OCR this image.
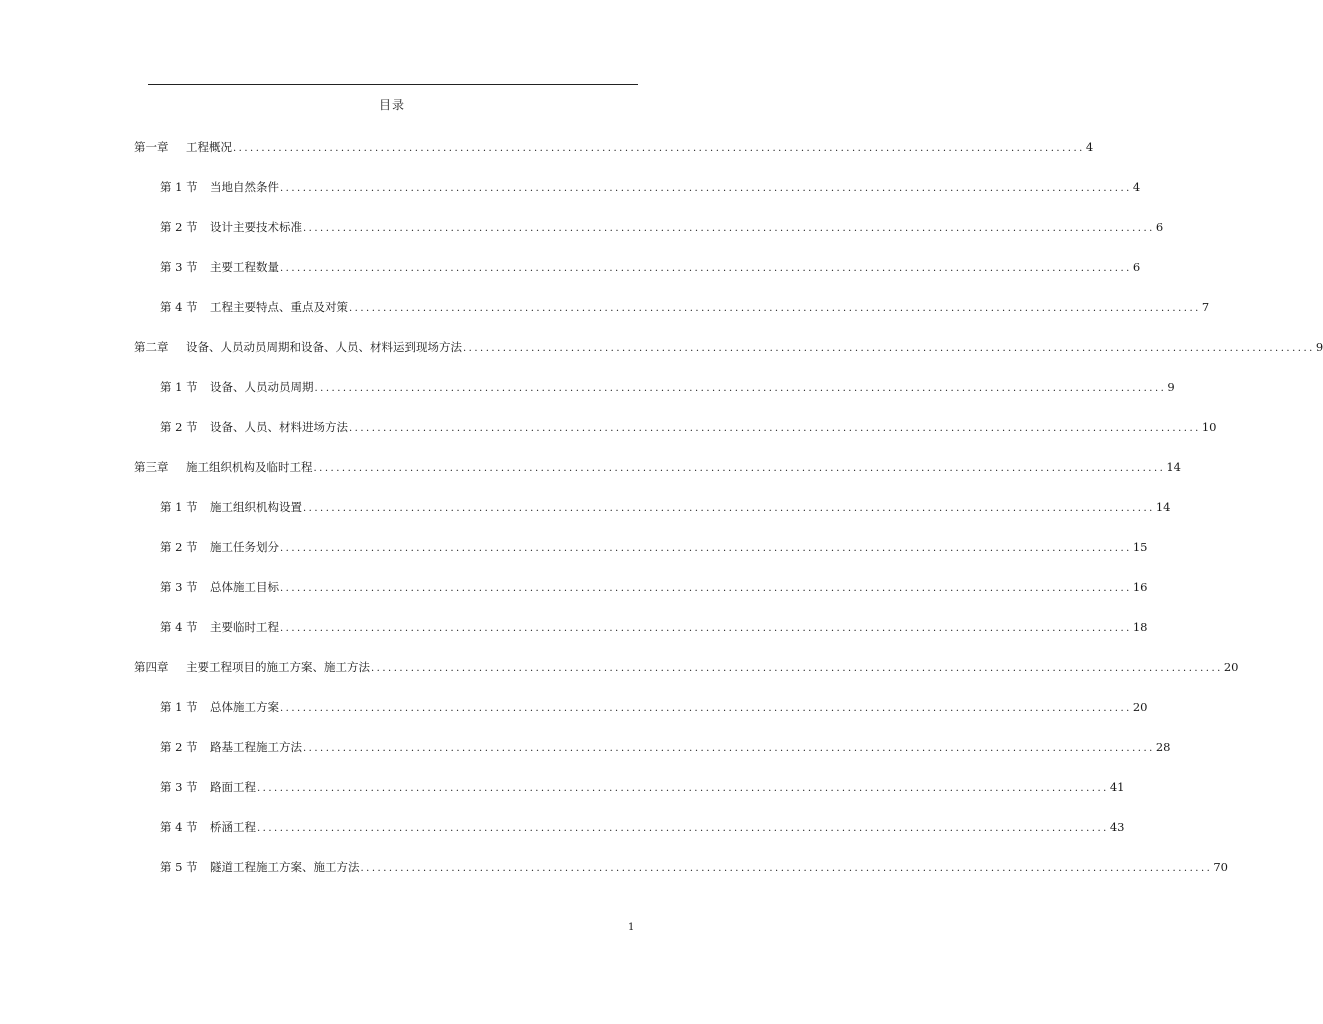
目录
第一章	工程概况 ...................................................................................................................................................... 4
第 1 节	当地自然条件 ...................................................................................................................................................... 4
第 2 节	设计主要技术标准 ...................................................................................................................................................... 6
第 3 节	主要工程数量 ...................................................................................................................................................... 6
第 4 节	工程主要特点、重点及对策 ...................................................................................................................................................... 7
第二章	设备、人员动员周期和设备、人员、材料运到现场方法 ...................................................................................................................................................... 9
第 1 节	设备、人员动员周期 ...................................................................................................................................................... 9
第 2 节	设备、人员、材料进场方法 ...................................................................................................................................................... 10
第三章	施工组织机构及临时工程 ...................................................................................................................................................... 14
第 1 节	施工组织机构设置 ...................................................................................................................................................... 14
第 2 节	施工任务划分 ...................................................................................................................................................... 15
第 3 节	总体施工目标 ...................................................................................................................................................... 16
第 4 节	主要临时工程 ...................................................................................................................................................... 18
第四章	主要工程项目的施工方案、施工方法 ...................................................................................................................................................... 20
第 1 节	总体施工方案 ...................................................................................................................................................... 20
第 2 节	路基工程施工方法 ...................................................................................................................................................... 28
第 3 节	路面工程 ...................................................................................................................................................... 41
第 4 节	桥涵工程 ...................................................................................................................................................... 43
第 5 节	隧道工程施工方案、施工方法 ...................................................................................................................................................... 70
1
